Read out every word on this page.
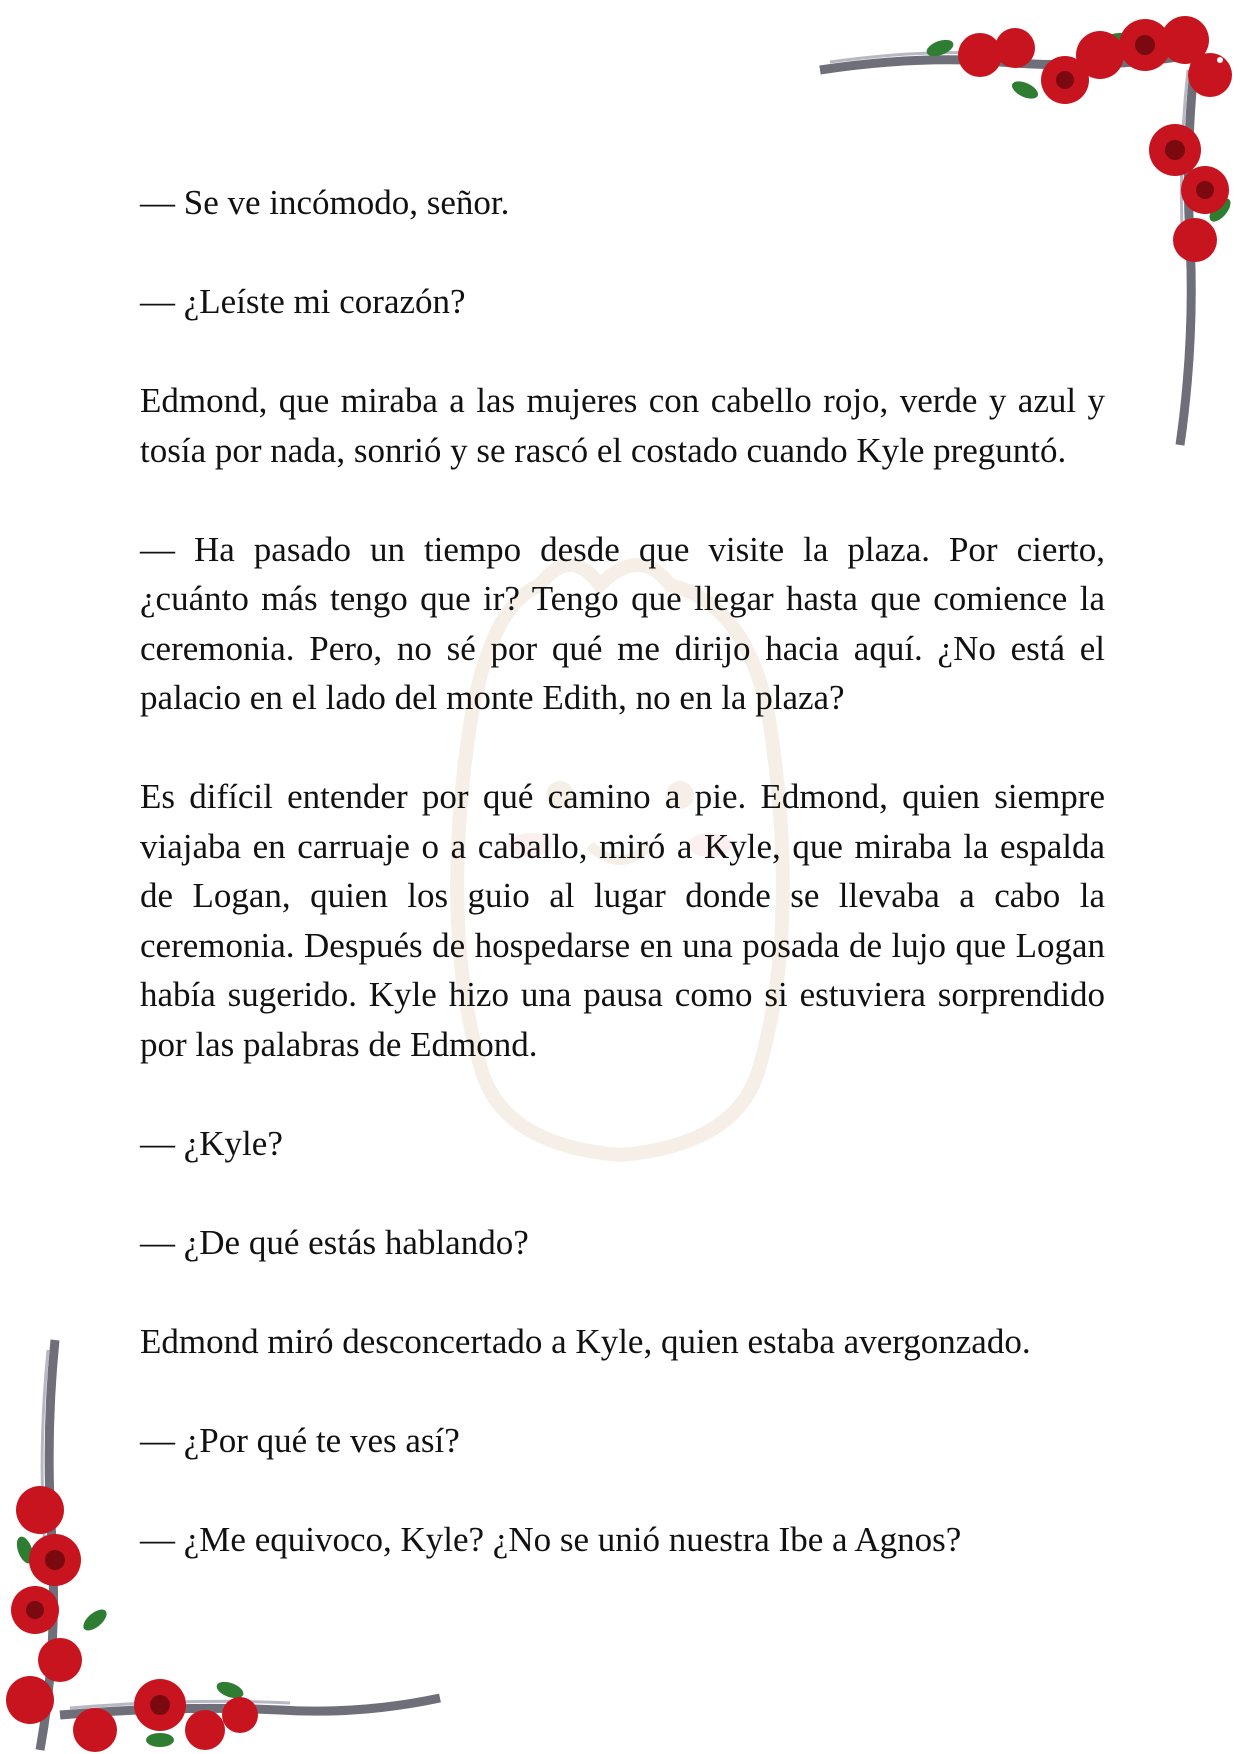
— Se ve incómodo, señor.

— ¿Leíste mi corazón?

Edmond, que miraba a las mujeres con cabello rojo, verde y azul y tosía por nada, sonrió y se rascó el costado cuando Kyle preguntó.

— Ha pasado un tiempo desde que visite la plaza. Por cierto, ¿cuánto más tengo que ir? Tengo que llegar hasta que comience la ceremonia. Pero, no sé por qué me dirijo hacia aquí. ¿No está el palacio en el lado del monte Edith, no en la plaza?

Es difícil entender por qué camino a pie. Edmond, quien siempre viajaba en carruaje o a caballo, miró a Kyle, que miraba la espalda de Logan, quien los guio al lugar donde se llevaba a cabo la ceremonia. Después de hospedarse en una posada de lujo que Logan había sugerido. Kyle hizo una pausa como si estuviera sorprendido por las palabras de Edmond.

— ¿Kyle?

— ¿De qué estás hablando?

Edmond miró desconcertado a Kyle, quien estaba avergonzado.

— ¿Por qué te ves así?

— ¿Me equivoco, Kyle? ¿No se unió nuestra Ibe a Agnos?
